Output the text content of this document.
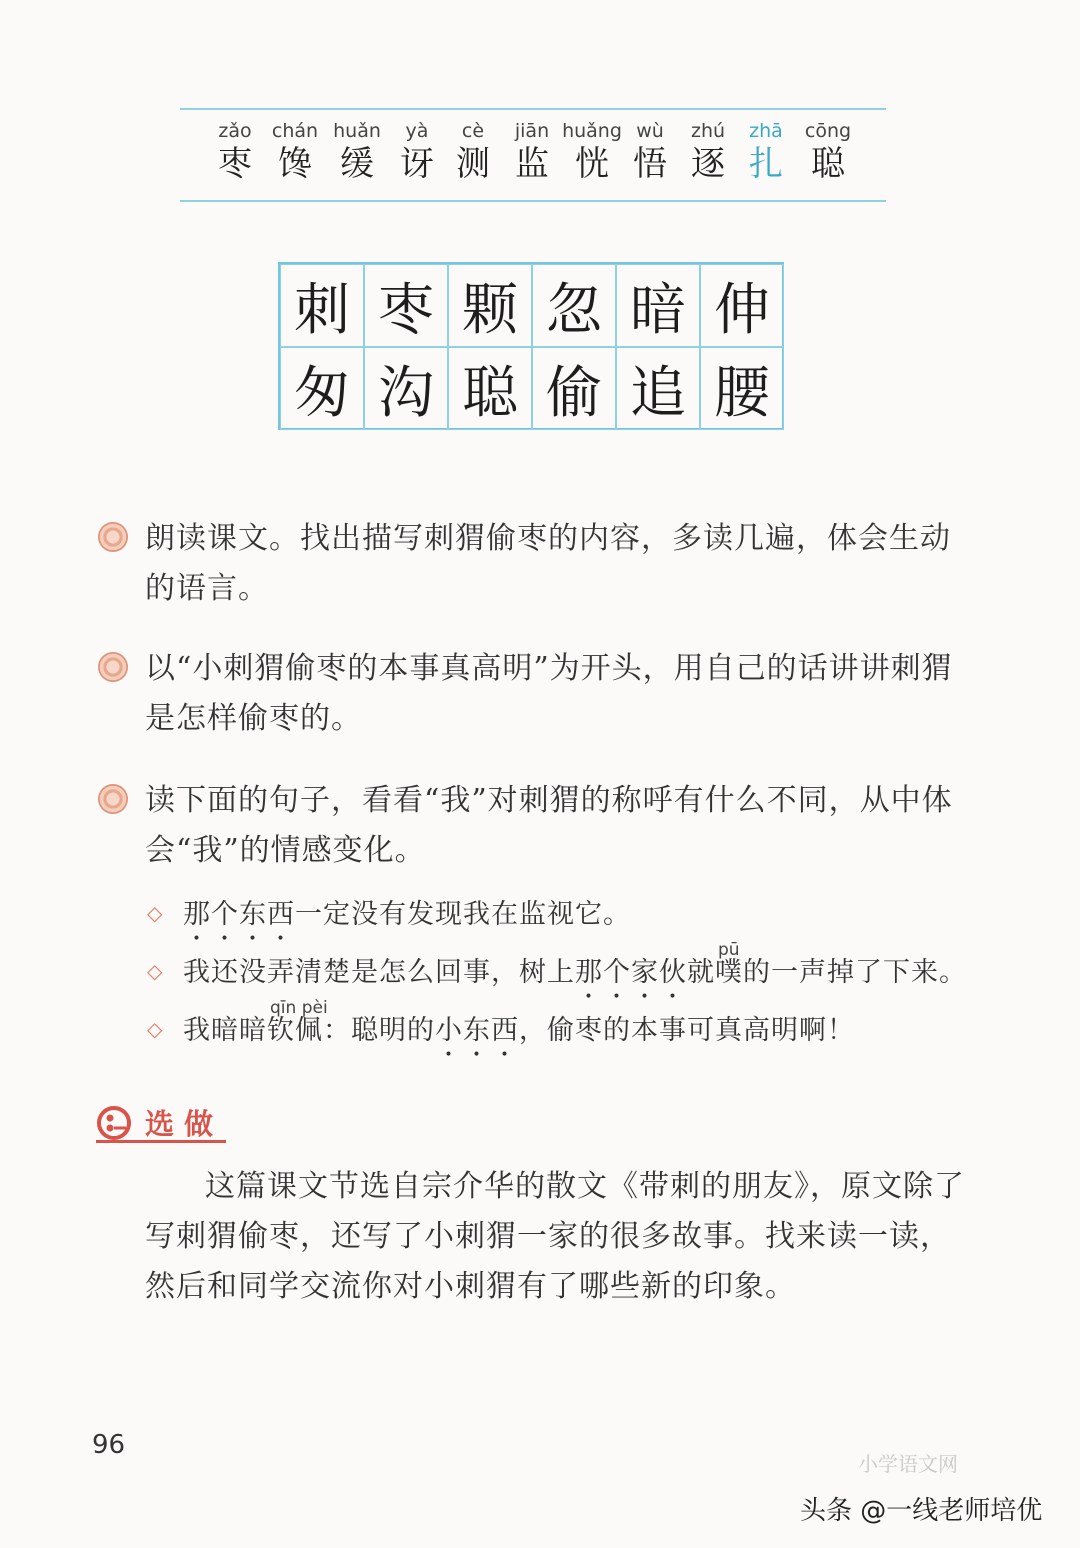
zǎo
枣
chán
馋
huǎn
缓
yà
讶
cè
测
jiān
监
huǎng
恍
wù
悟
zhú
逐
zhā
扎
cōng
聪
刺 枣 颗 忽 暗 伸
匆 沟 聪 偷 追 腰
朗读课文。找出描写刺猬偷枣的内容，多读几遍，体会生动的语言。
以“小刺猬偷枣的本事真高明”为开头，用自己的话讲讲刺猬是怎样偷枣的。
读下面的句子，看看“我”对刺猬的称呼有什么不同，从中体会“我”的情感变化。
◇ 那个东西一定没有发现我在监视它。
pū
◇ 我还没弄清楚是怎么回事，树上那个家伙就噗的一声掉了下来。
qīn pèi
◇ 我暗暗钦佩：聪明的小东西，偷枣的本事可真高明啊！
选做
这篇课文节选自宗介华的散文《带刺的朋友》，原文除了写刺猬偷枣，还写了小刺猬一家的很多故事。找来读一读，然后和同学交流你对小刺猬有了哪些新的印象。
96
小学语文网
头条 @一线老师培优
